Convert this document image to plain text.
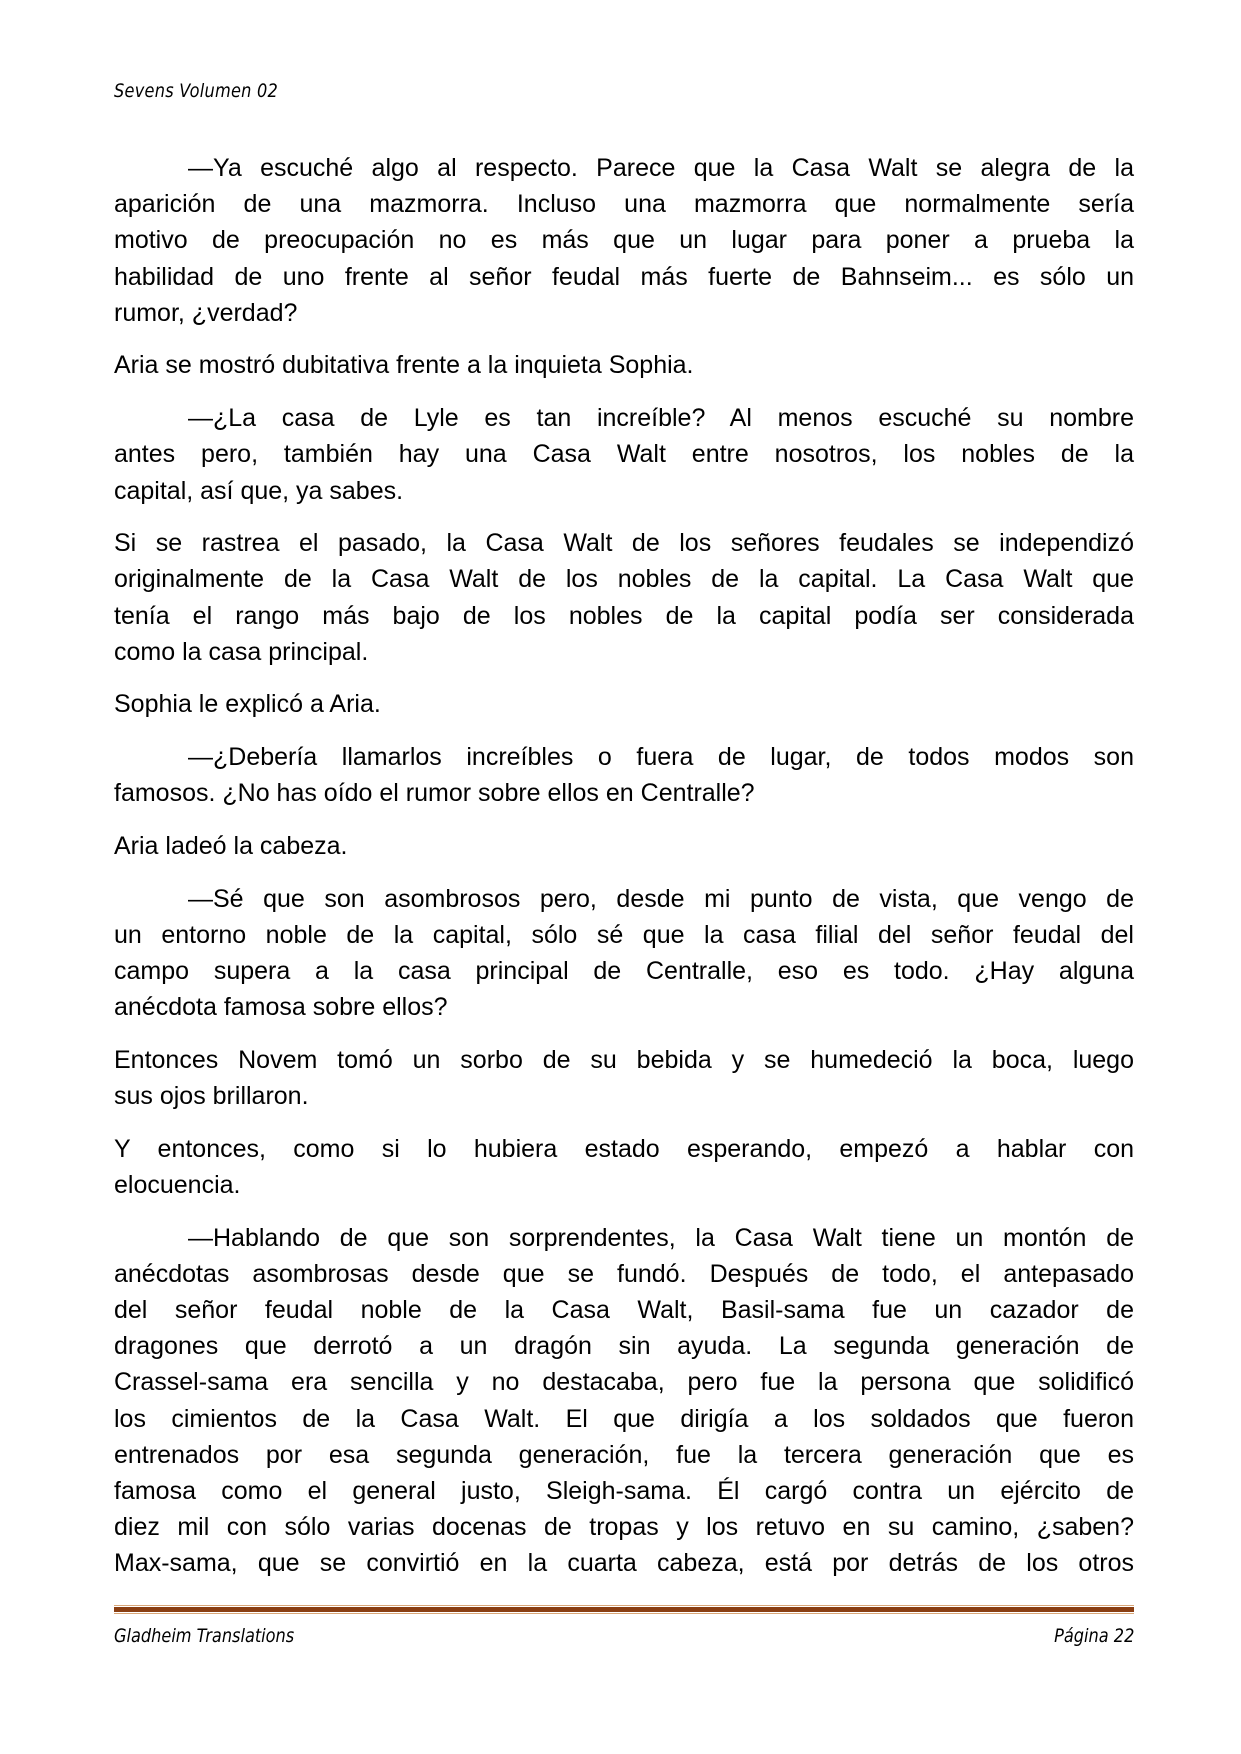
Sevens Volumen 02
—Ya escuché algo al respecto. Parece que la Casa Walt se alegra de la
aparición de una mazmorra. Incluso una mazmorra que normalmente sería
motivo de preocupación no es más que un lugar para poner a prueba la
habilidad de uno frente al señor feudal más fuerte de Bahnseim... es sólo un
rumor, ¿verdad?
Aria se mostró dubitativa frente a la inquieta Sophia.
—¿La casa de Lyle es tan increíble? Al menos escuché su nombre
antes pero, también hay una Casa Walt entre nosotros, los nobles de la
capital, así que, ya sabes.
Si se rastrea el pasado, la Casa Walt de los señores feudales se independizó
originalmente de la Casa Walt de los nobles de la capital. La Casa Walt que
tenía el rango más bajo de los nobles de la capital podía ser considerada
como la casa principal.
Sophia le explicó a Aria.
—¿Debería llamarlos increíbles o fuera de lugar, de todos modos son
famosos. ¿No has oído el rumor sobre ellos en Centralle?
Aria ladeó la cabeza.
—Sé que son asombrosos pero, desde mi punto de vista, que vengo de
un entorno noble de la capital, sólo sé que la casa filial del señor feudal del
campo supera a la casa principal de Centralle, eso es todo. ¿Hay alguna
anécdota famosa sobre ellos?
Entonces Novem tomó un sorbo de su bebida y se humedeció la boca, luego
sus ojos brillaron.
Y entonces, como si lo hubiera estado esperando, empezó a hablar con
elocuencia.
—Hablando de que son sorprendentes, la Casa Walt tiene un montón de
anécdotas asombrosas desde que se fundó. Después de todo, el antepasado
del señor feudal noble de la Casa Walt, Basil-sama fue un cazador de
dragones que derrotó a un dragón sin ayuda. La segunda generación de
Crassel-sama era sencilla y no destacaba, pero fue la persona que solidificó
los cimientos de la Casa Walt. El que dirigía a los soldados que fueron
entrenados por esa segunda generación, fue la tercera generación que es
famosa como el general justo, Sleigh-sama. Él cargó contra un ejército de
diez mil con sólo varias docenas de tropas y los retuvo en su camino, ¿saben?
Max-sama, que se convirtió en la cuarta cabeza, está por detrás de los otros
Gladheim Translations	Página 22
